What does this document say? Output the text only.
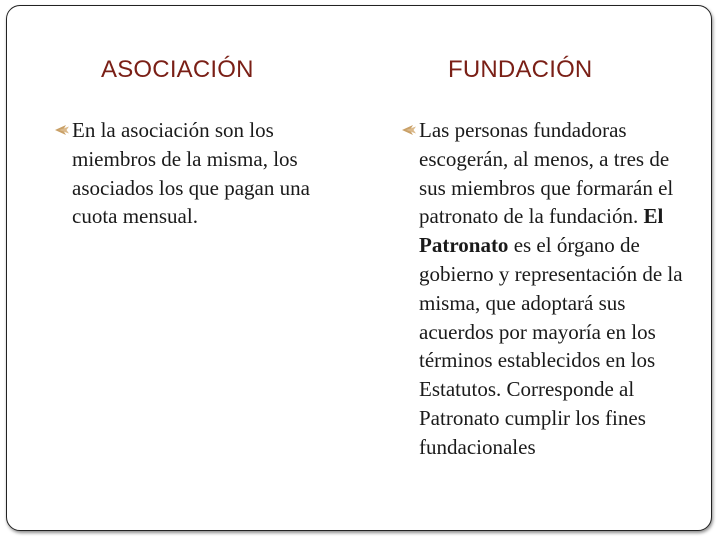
ASOCIACIÓN	FUNDACIÓN
En la asociación son los miembros de la misma, los asociados los que pagan una cuota mensual.
Las personas fundadoras escogerán, al menos, a tres de sus miembros que formarán el patronato de la fundación. El Patronato es el órgano de gobierno y representación de la misma, que adoptará sus acuerdos por mayoría en los términos establecidos en los Estatutos. Corresponde al Patronato cumplir los fines fundacionales
